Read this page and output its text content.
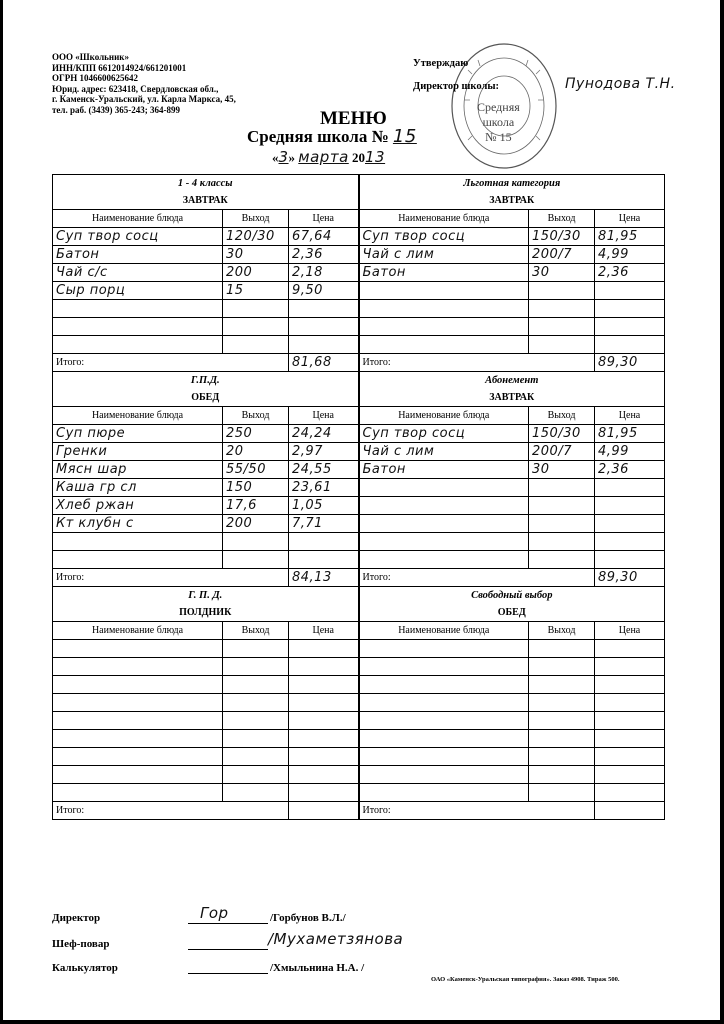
ООО «Школьник»
ИНН/КПП 6612014924/661201001
ОГРН 1046600625642
Юрид. адрес: 623418, Свердловская обл.,
г. Каменск-Уральский, ул. Карла Маркса, 45,
тел. раб. (3439) 365-243; 364-899	Средняя
школа
№ 15
Утверждаю
Директор школы:	Пунодова Т.Н.
МЕНЮ
Средняя школа № 15
«3» марта 2013
1 - 4 классы			Льготная категория		
ЗАВТРАК			ЗАВТРАК		
Наименование блюда	Выход	Цена	Наименование блюда	Выход	Цена
Суп твор сосц	120/30	67,64	Суп твор сосц	150/30	81,95
Батон	30	2,36	Чай с лим	200/7	4,99
Чай с/с	200	2,18	Батон	30	2,36
Сыр порц	15	9,50			

Итого:		81,68	Итого:		89,30
Г.П.Д.			Абонемент		
ОБЕД			ЗАВТРАК		
Наименование блюда	Выход	Цена	Наименование блюда	Выход	Цена
Суп пюре	250	24,24	Суп твор сосц	150/30	81,95
Гренки	20	2,97	Чай с лим	200/7	4,99
Мясн шар	55/50	24,55	Батон	30	2,36
Каша гр сл	150	23,61			
Хлеб ржан	17,6	1,05			
Кт клубн с	200	7,71			

Итого:		84,13	Итого:		89,30
Г. П. Д.			Свободный выбор		
ПОЛДНИК			ОБЕД		
Наименование блюда	Выход	Цена	Наименование блюда	Выход	Цена

Итого:			Итого:		
Директор	/Горбунов В.Л./
Гор
Шеф-повар	/Мухаметзянова
Калькулятор	/Хмыльнина Н.А. /
ОАО «Каменск-Уральская типография». Заказ 4908. Тираж 500.
